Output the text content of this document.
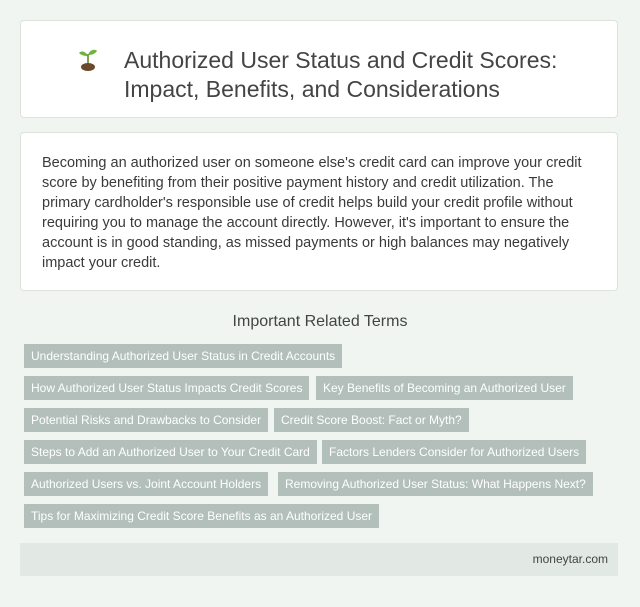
Authorized User Status and Credit Scores:
Impact, Benefits, and Considerations

Becoming an authorized user on someone else's credit card can improve your credit score by benefiting from their positive payment history and credit utilization. The primary cardholder's responsible use of credit helps build your credit profile without requiring you to manage the account directly. However, it's important to ensure the account is in good standing, as missed payments or high balances may negatively impact your credit.

Important Related Terms
Understanding Authorized User Status in Credit Accounts
How Authorized User Status Impacts Credit Scores	Key Benefits of Becoming an Authorized User
Potential Risks and Drawbacks to Consider	Credit Score Boost: Fact or Myth?
Steps to Add an Authorized User to Your Credit Card	Factors Lenders Consider for Authorized Users
Authorized Users vs. Joint Account Holders	Removing Authorized User Status: What Happens Next?
Tips for Maximizing Credit Score Benefits as an Authorized User
moneytar.com
